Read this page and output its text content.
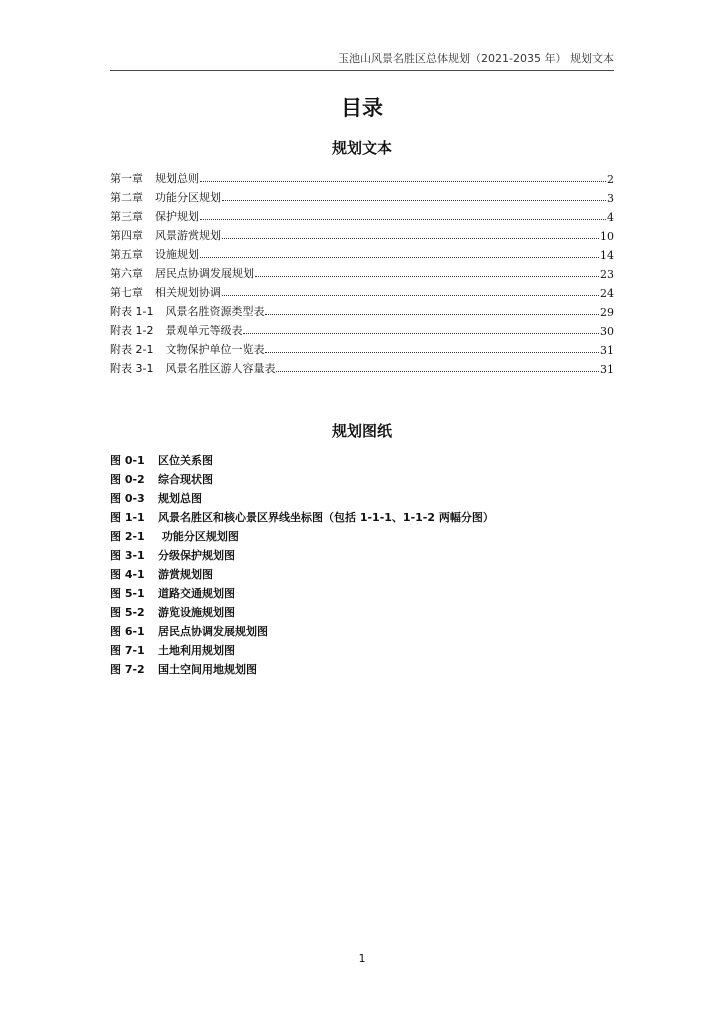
玉池山风景名胜区总体规划（2021-2035 年） 规划文本
目录
规划文本
第一章 规划总则	2
第二章 功能分区规划	3
第三章 保护规划	4
第四章 风景游赏规划	10
第五章 设施规划	14
第六章 居民点协调发展规划	23
第七章 相关规划协调	24
附表 1-1 风景名胜资源类型表	29
附表 1-2 景观单元等级表	30
附表 2-1 文物保护单位一览表	31
附表 3-1 风景名胜区游人容量表	31
规划图纸
图 0-1	区位关系图
图 0-2	综合现状图
图 0-3	规划总图
图 1-1	风景名胜区和核心景区界线坐标图（包括 1-1-1、1-1-2 两幅分图）
图 2-1	功能分区规划图
图 3-1	分级保护规划图
图 4-1	游赏规划图
图 5-1	道路交通规划图
图 5-2	游览设施规划图
图 6-1	居民点协调发展规划图
图 7-1	土地利用规划图
图 7-2	国土空间用地规划图
1
